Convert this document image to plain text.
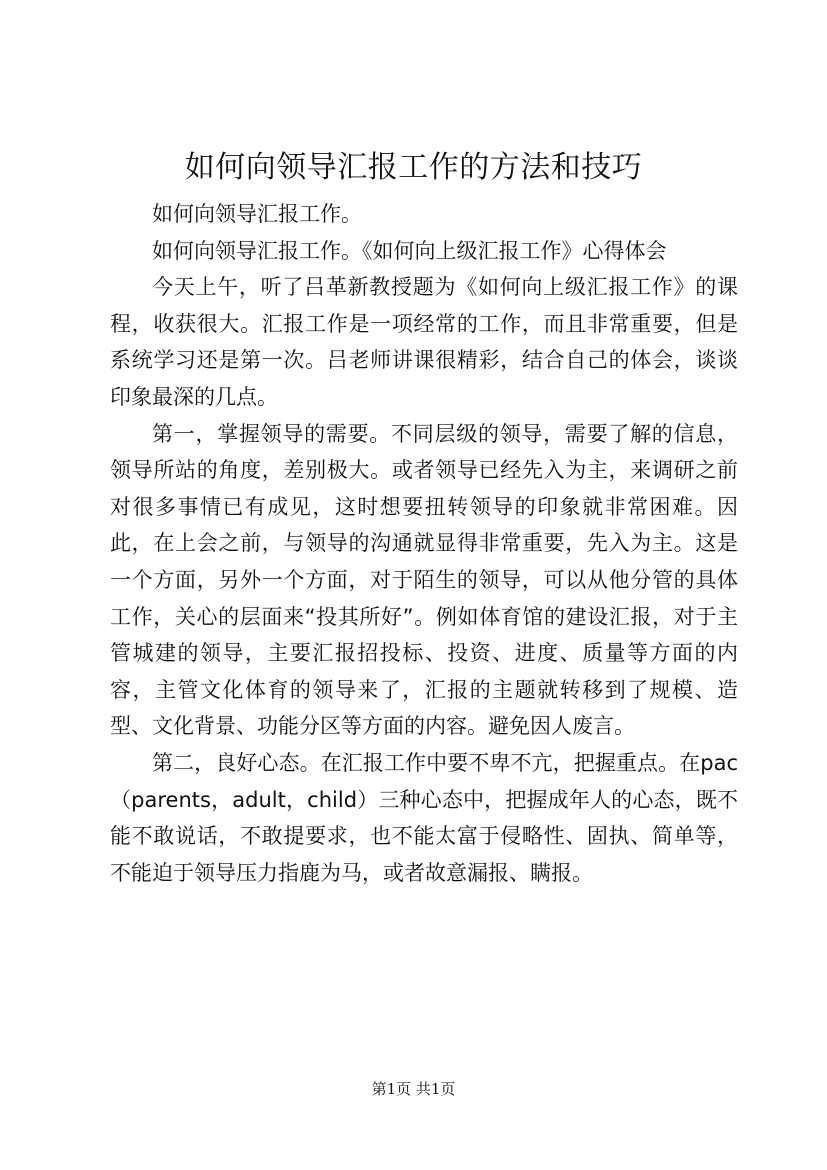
如何向领导汇报工作的方法和技巧

如何向领导汇报工作。

如何向领导汇报工作。《如何向上级汇报工作》心得体会

今天上午，听了吕革新教授题为《如何向上级汇报工作》的课程，收获很大。汇报工作是一项经常的工作，而且非常重要，但是系统学习还是第一次。吕老师讲课很精彩，结合自己的体会，谈谈印象最深的几点。

第一，掌握领导的需要。不同层级的领导，需要了解的信息，领导所站的角度，差别极大。或者领导已经先入为主，来调研之前对很多事情已有成见，这时想要扭转领导的印象就非常困难。因此，在上会之前，与领导的沟通就显得非常重要，先入为主。这是一个方面，另外一个方面，对于陌生的领导，可以从他分管的具体工作，关心的层面来“投其所好”。例如体育馆的建设汇报，对于主管城建的领导，主要汇报招投标、投资、进度、质量等方面的内容，主管文化体育的领导来了，汇报的主题就转移到了规模、造型、文化背景、功能分区等方面的内容。避免因人废言。

第二，良好心态。在汇报工作中要不卑不亢，把握重点。在pac（parents，adult，child）三种心态中，把握成年人的心态，既不能不敢说话，不敢提要求，也不能太富于侵略性、固执、简单等，不能迫于领导压力指鹿为马，或者故意漏报、瞒报。

第1页 共1页
